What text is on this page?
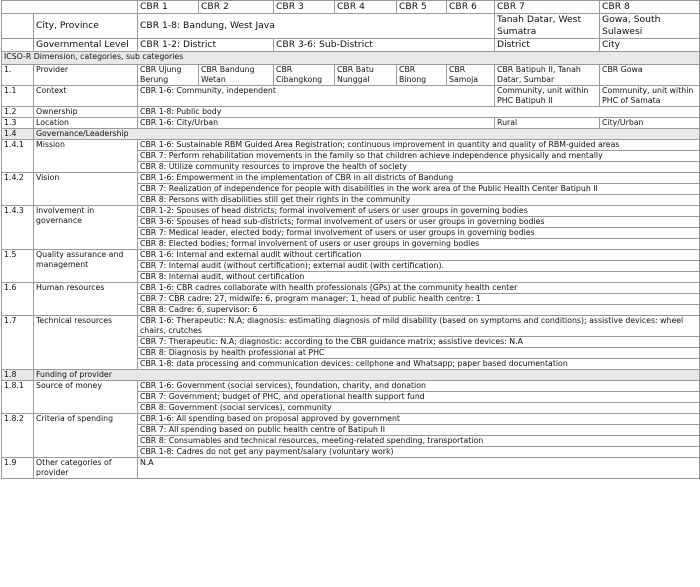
		CBR 1	CBR 2	CBR 3	CBR 4	CBR 5	CBR 6	CBR 7	CBR 8
	City, Province	CBR 1-8: Bandung, West Java						Tanah Datar, West Sumatra	Gowa, South Sulawesi
	Governmental Level	CBR 1-2: District		CBR 3-6: Sub-District				District	City
ICSO-R Dimension, categories, sub categories									
1.	Provider	CBR Ujung Berung	CBR Bandung Wetan	CBR Cibangkong	CBR Batu Nunggal	CBR Binong	CBR Samoja	CBR Batipuh II, Tanah Datar, Sumbar	CBR Gowa
1.1	Context	CBR 1-6: Community, independent						Community, unit within PHC Batipuh II	Community, unit within PHC of Samata
1.2	Ownership	CBR 1-8: Public body							
1.3	Location	CBR 1-6: City/Urban						Rural	City/Urban
1.4	Governance/Leadership								
1.4.1	Mission	CBR 1-6: Sustainable RBM Guided Area Registration; continuous improvement in quantity and quality of RBM-guided areas							
		CBR 7: Perform rehabilitation movements in the family so that children achieve independence physically and mentally							
		CBR 8: Utilize community resources to improve the health of society							
1.4.2	Vision	CBR 1-6: Empowerment in the implementation of CBR in all districts of Bandung							
		CBR 7: Realization of independence for people with disabilities in the work area of the Public Health Center Batipuh II							
		CBR 8: Persons with disabilities still get their rights in the community							
1.4.3	Involvement in governance	CBR 1-2: Spouses of head districts; formal involvement of users or user groups in governing bodies							
		CBR 3-6: Spouses of head sub-districts; formal involvement of users or user groups in governing bodies							
		CBR 7: Medical leader, elected body; formal involvement of users or user groups in governing bodies							
		CBR 8: Elected bodies; formal involvement of users or user groups in governing bodies							
1.5	Quality assurance and management	CBR 1-6: Internal and external audit without certification							
		CBR 7: Internal audit (without certification); external audit (with certification).							
		CBR 8: Internal audit, without certification							
1.6	Human resources	CBR 1-6: CBR cadres collaborate with health professionals (GPs) at the community health center							
		CBR 7: CBR cadre: 27, midwife: 6, program manager: 1, head of public health centre: 1							
		CBR 8: Cadre: 6, supervisor: 6							
1.7	Technical resources	CBR 1-6: Therapeutic: N.A; diagnosis: estimating diagnosis of mild disability (based on symptoms and conditions); assistive devices: wheel chairs, crutches							
		CBR 7: Therapeutic: N.A; diagnostic: according to the CBR guidance matrix; assistive devices: N.A							
		CBR 8: Diagnosis by health professional at PHC							
		CBR 1-8: data processing and communication devices: cellphone and Whatsapp; paper based documentation							
1.8	Funding of provider								
1.8.1	Source of money	CBR 1-6: Government (social services), foundation, charity, and donation							
		CBR 7: Government; budget of PHC, and operational health support fund							
		CBR 8: Government (social services), community							
1.8.2	Criteria of spending	CBR 1-6: All spending based on proposal approved by government							
		CBR 7: All spending based on public health centre of Batipuh II							
		CBR 8: Consumables and technical resources, meeting-related spending, transportation							
		CBR 1-8: Cadres do not get any payment/salary (voluntary work)							
1.9	Other categories of provider	N.A							
